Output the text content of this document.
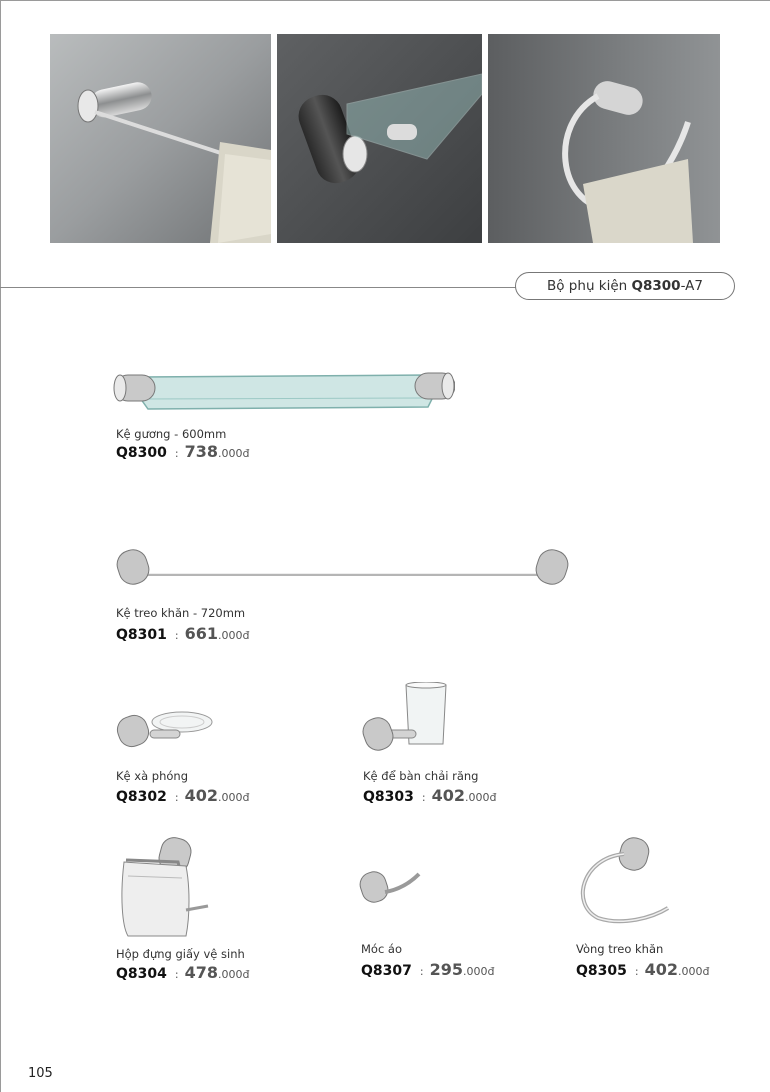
Bộ phụ kiện Q8300-A7
Kệ gương - 600mm
Q8300 : 738.000đ
Kệ treo khăn - 720mm
Q8301 : 661.000đ
Kệ xà phóng
Q8302 : 402.000đ
Kệ để bàn chải răng
Q8303 : 402.000đ
Hộp đựng giấy vệ sinh
Q8304 : 478.000đ
Móc áo
Q8307 : 295.000đ
Vòng treo khăn
Q8305 : 402.000đ
105
